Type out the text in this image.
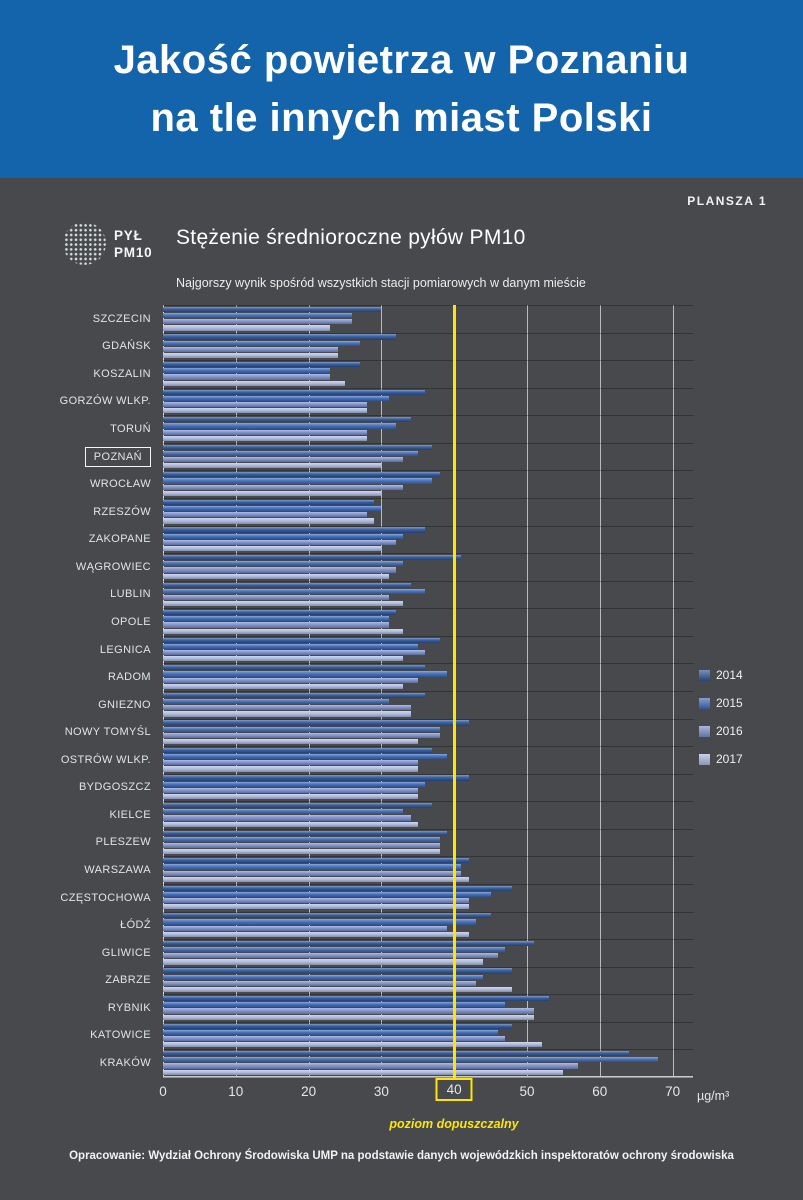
Jakość powietrza w Poznaniu
na tle innych miast Polski
PLANSZA 1
PYŁ
PM10
Stężenie średnioroczne pyłów PM10
Najgorszy wynik spośród wszystkich stacji pomiarowych w danym mieście
SZCZECIN
GDAŃSK
KOSZALIN
GORZÓW WLKP.
TORUŃ
POZNAŃ
WROCŁAW
RZESZÓW
ZAKOPANE
WĄGROWIEC
LUBLIN
OPOLE
LEGNICA
RADOM
GNIEZNO
NOWY TOMYŚL
OSTRÓW WLKP.
BYDGOSZCZ
KIELCE
PLESZEW
WARSZAWA
CZĘSTOCHOWA
ŁÓDŹ
GLIWICE
ZABRZE
RYBNIK
KATOWICE
KRAKÓW
0	10	20	30	40	50	60	70 µg/m³
poziom dopuszczalny
2014
2015
2016
2017
Opracowanie: Wydział Ochrony Środowiska UMP na podstawie danych wojewódzkich inspektoratów ochrony środowiska
